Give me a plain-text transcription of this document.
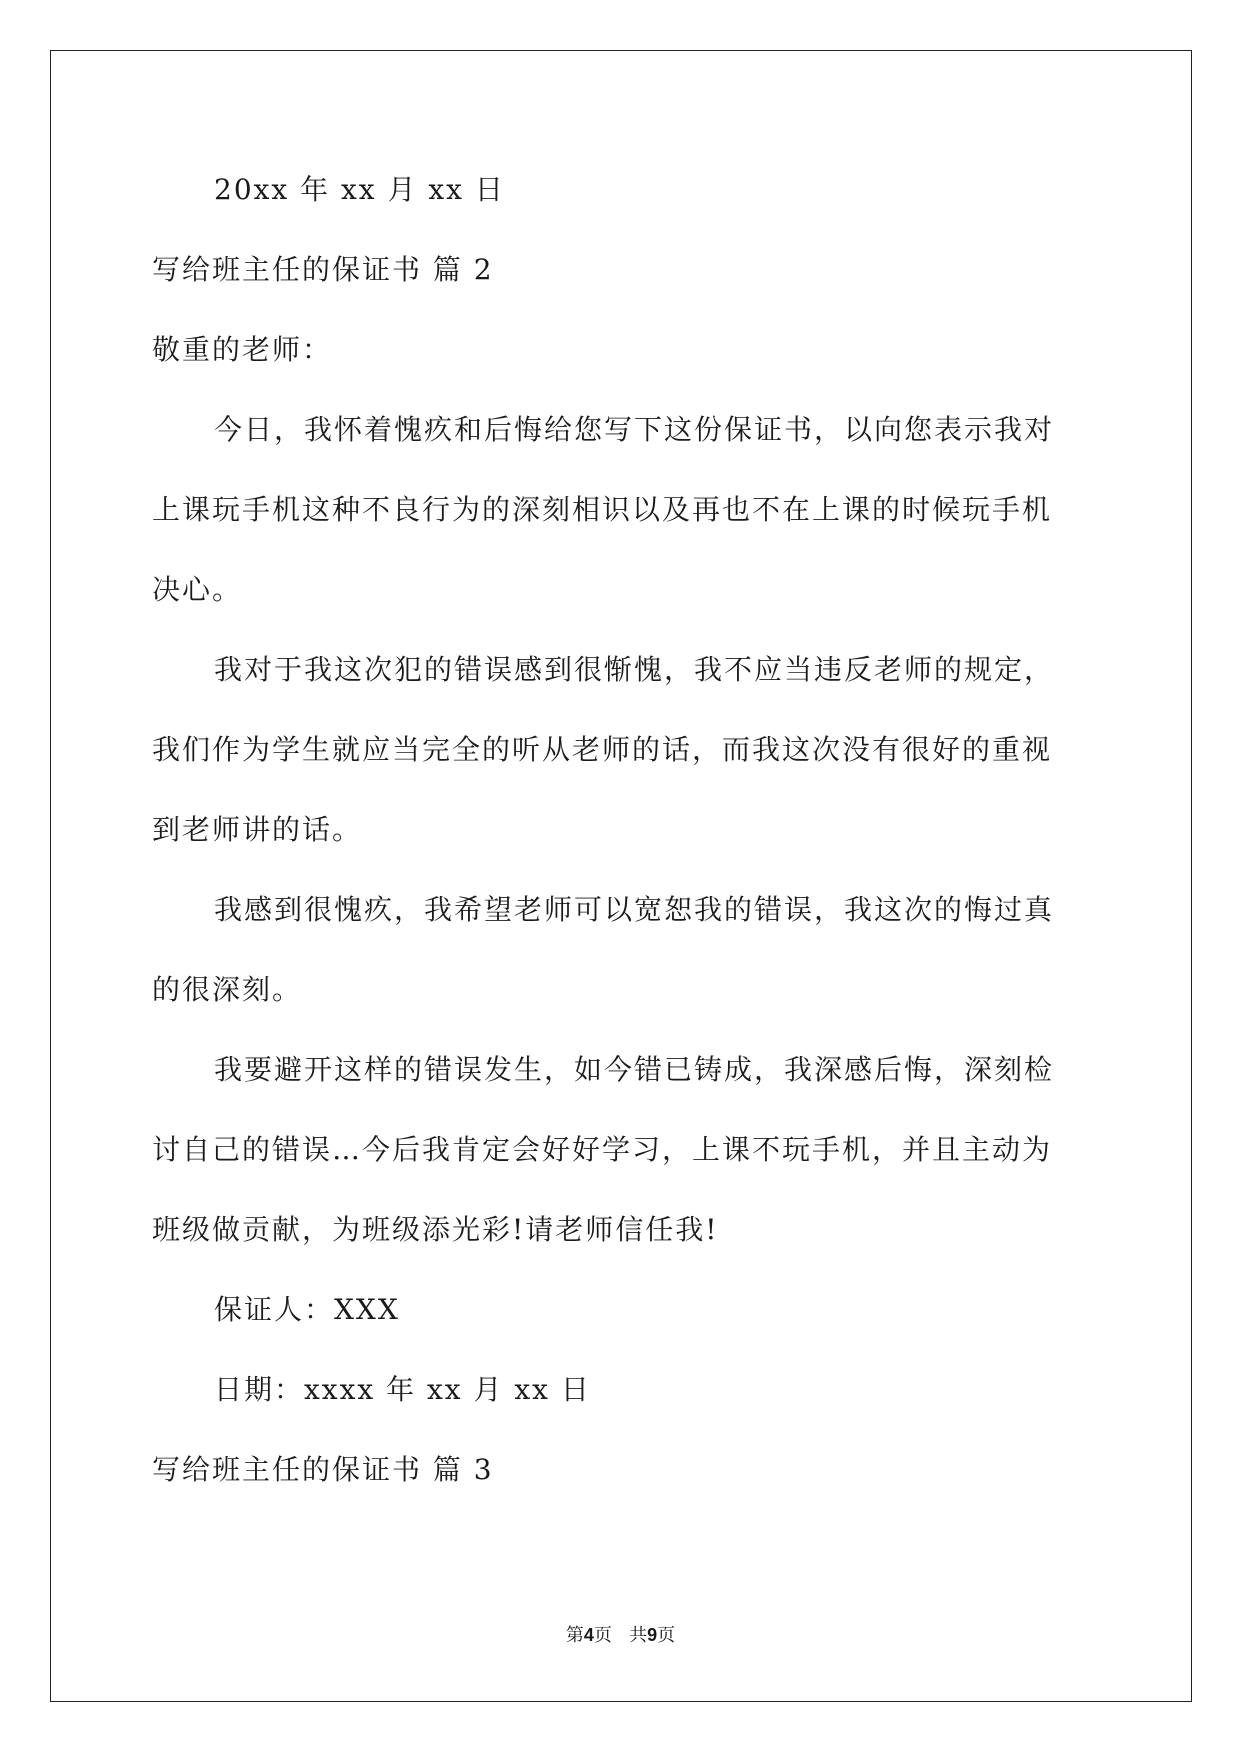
20xx 年 xx 月 xx 日
写给班主任的保证书 篇 2
敬重的老师：
今日，我怀着愧疚和后悔给您写下这份保证书，以向您表示我对
上课玩手机这种不良行为的深刻相识以及再也不在上课的时候玩手机
决心。
我对于我这次犯的错误感到很惭愧，我不应当违反老师的规定，
我们作为学生就应当完全的听从老师的话，而我这次没有很好的重视
到老师讲的话。
我感到很愧疚，我希望老师可以宽恕我的错误，我这次的悔过真
的很深刻。
我要避开这样的错误发生，如今错已铸成，我深感后悔，深刻检
讨自己的错误…今后我肯定会好好学习，上课不玩手机，并且主动为
班级做贡献，为班级添光彩!请老师信任我!
保证人：XXX
日期：xxxx 年 xx 月 xx 日
写给班主任的保证书 篇 3
第4页 共9页
